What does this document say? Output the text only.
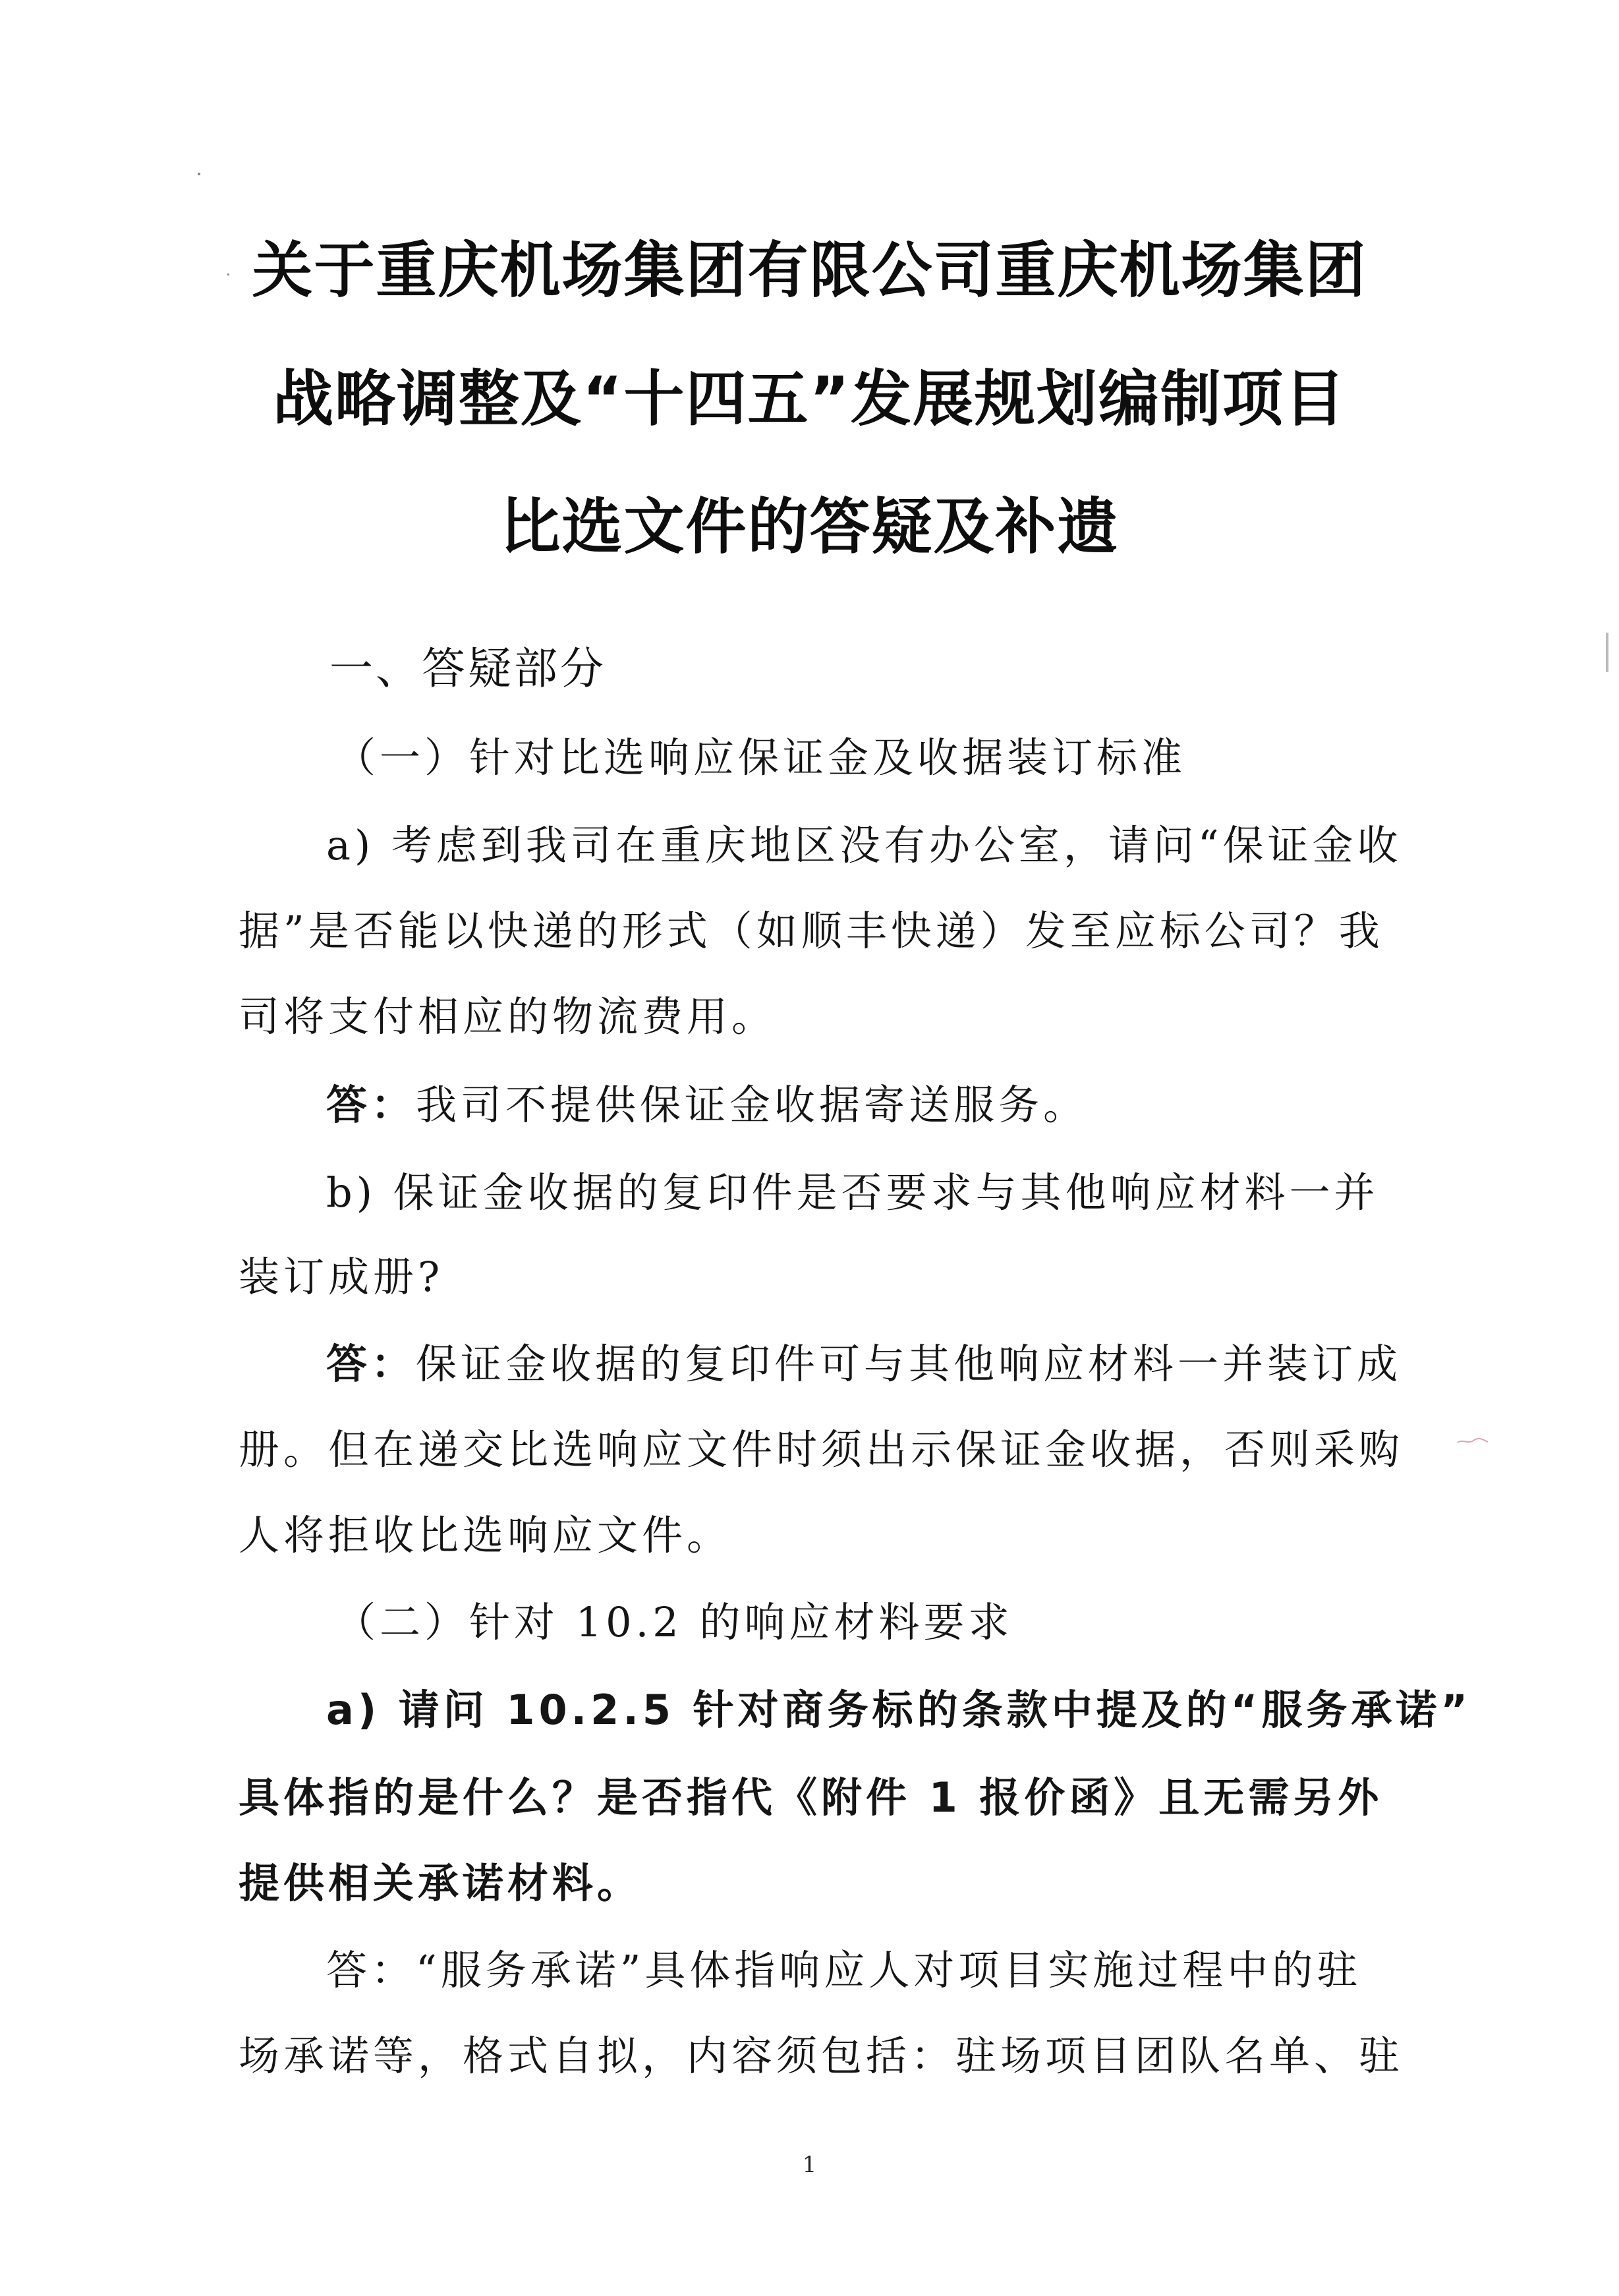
关于重庆机场集团有限公司重庆机场集团
战略调整及“十四五”发展规划编制项目
比选文件的答疑及补遗
一、答疑部分
（一）针对比选响应保证金及收据装订标准
a) 考虑到我司在重庆地区没有办公室，请问“保证金收
据”是否能以快递的形式（如顺丰快递）发至应标公司？我
司将支付相应的物流费用。
答：我司不提供保证金收据寄送服务。
b) 保证金收据的复印件是否要求与其他响应材料一并
装订成册?
答：保证金收据的复印件可与其他响应材料一并装订成
册。但在递交比选响应文件时须出示保证金收据，否则采购
人将拒收比选响应文件。
（二）针对 10.2 的响应材料要求
a) 请问 10.2.5 针对商务标的条款中提及的“服务承诺”
具体指的是什么？是否指代《附件 1 报价函》且无需另外
提供相关承诺材料。
答：“服务承诺”具体指响应人对项目实施过程中的驻
场承诺等，格式自拟，内容须包括：驻场项目团队名单、驻
1
